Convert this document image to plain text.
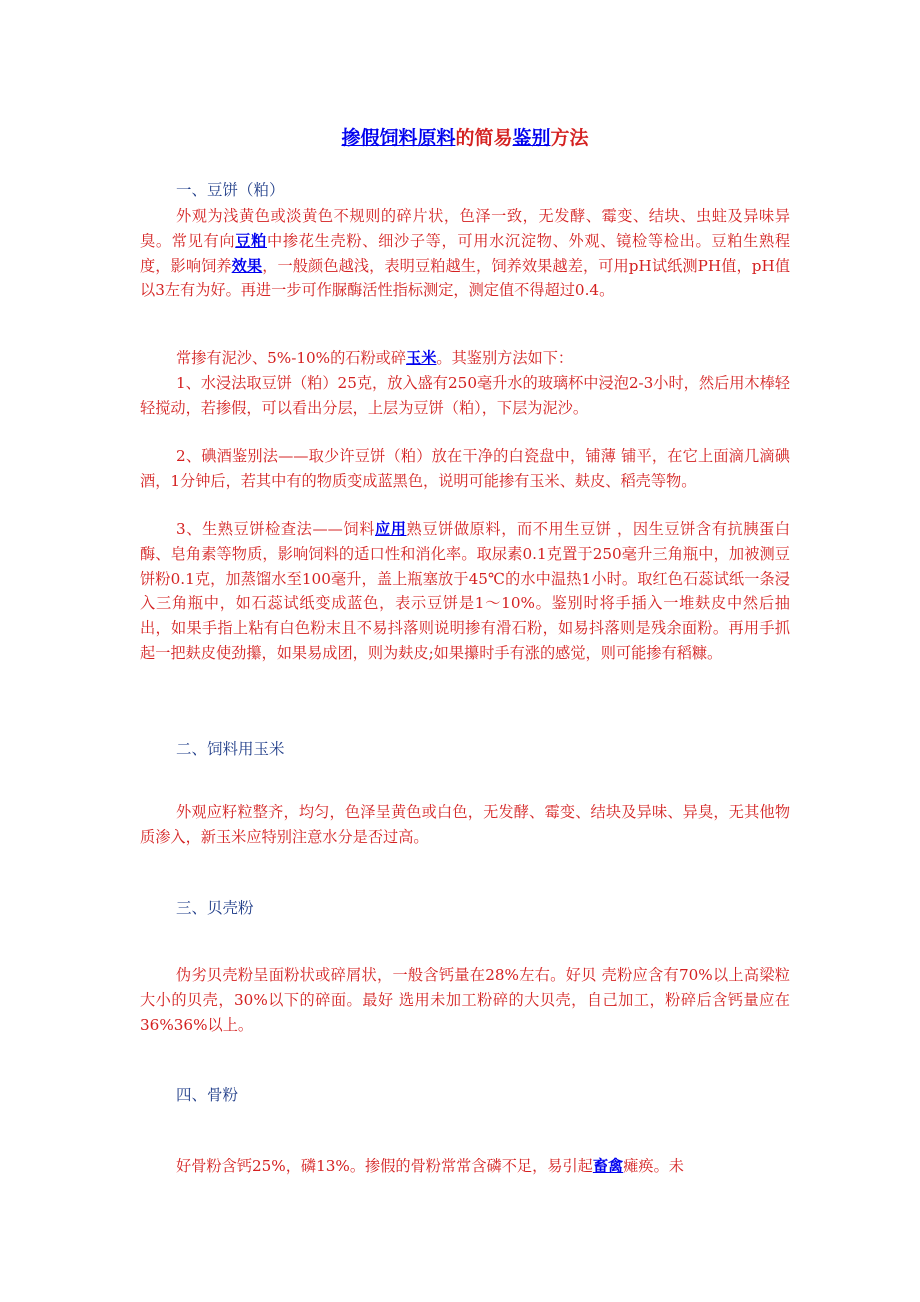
掺假饲料原料的简易鉴别方法
一、豆饼（粕）

外观为浅黄色或淡黄色不规则的碎片状，色泽一致，无发酵、霉变、结块、虫蛀及异味异臭。常见有向豆粕中掺花生壳粉、细沙子等，可用水沉淀物、外观、镜检等检出。豆粕生熟程度，影响饲养效果，一般颜色越浅，表明豆粕越生，饲养效果越差，可用pH试纸测PH值，pH值以3左有为好。再进一步可作脲酶活性指标测定，测定值不得超过0.4。

常掺有泥沙、5%-10%的石粉或碎玉米。其鉴别方法如下：

1、水浸法取豆饼（粕）25克，放入盛有250毫升水的玻璃杯中浸泡2-3小时，然后用木棒轻轻搅动，若掺假，可以看出分层，上层为豆饼（粕），下层为泥沙。

2、碘酒鉴别法——取少许豆饼（粕）放在干净的白瓷盘中，铺薄 铺平，在它上面滴几滴碘酒，1分钟后，若其中有的物质变成蓝黑色，说明可能掺有玉米、麸皮、稻壳等物。

3、生熟豆饼检查法——饲料应用熟豆饼做原料，而不用生豆饼 ，因生豆饼含有抗胰蛋白酶、皂角素等物质，影响饲料的适口性和消化率。取尿素0.1克置于250毫升三角瓶中，加被测豆饼粉0.1克，加蒸馏水至100毫升，盖上瓶塞放于45℃的水中温热1小时。取红色石蕊试纸一条浸入三角瓶中，如石蕊试纸变成蓝色，表示豆饼是1～10%。鉴别时将手插入一堆麸皮中然后抽出，如果手指上粘有白色粉末且不易抖落则说明掺有滑石粉，如易抖落则是残余面粉。再用手抓起一把麸皮使劲攥，如果易成团，则为麸皮;如果攥时手有涨的感觉，则可能掺有稻糠。

二、饲料用玉米

外观应籽粒整齐，均匀，色泽呈黄色或白色，无发酵、霉变、结块及异味、异臭，无其他物质渗入，新玉米应特别注意水分是否过高。

三、贝壳粉

伪劣贝壳粉呈面粉状或碎屑状，一般含钙量在28%左右。好贝 壳粉应含有70%以上高梁粒大小的贝壳，30%以下的碎面。最好 选用未加工粉碎的大贝壳，自己加工，粉碎后含钙量应在36%36%以上。

四、骨粉

好骨粉含钙25%，磷13%。掺假的骨粉常常含磷不足，易引起畜禽瘫痪。未
